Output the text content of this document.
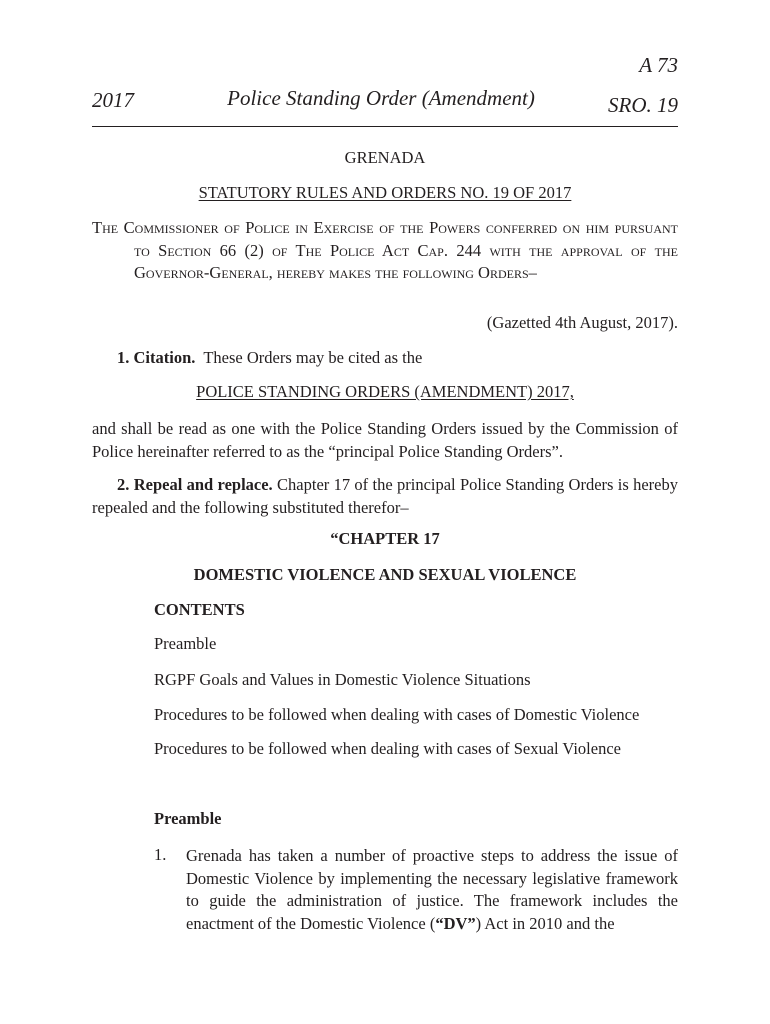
A 73
2017	Police Standing Order (Amendment)	SRO. 19
GRENADA
STATUTORY RULES AND ORDERS NO. 19 OF 2017

The Commissioner of Police in Exercise of the Powers conferred on him pursuant to Section 66 (2) of The Police Act Cap. 244 with the approval of the Governor-General, hereby makes the following Orders–

(Gazetted 4th August, 2017).
1. Citation. These Orders may be cited as the
POLICE STANDING ORDERS (AMENDMENT) 2017,

and shall be read as one with the Police Standing Orders issued by the Commission of Police hereinafter referred to as the “principal Police Standing Orders”.

2. Repeal and replace. Chapter 17 of the principal Police Standing Orders is hereby repealed and the following substituted therefor–

“CHAPTER 17
DOMESTIC VIOLENCE AND SEXUAL VIOLENCE
CONTENTS
Preamble
RGPF Goals and Values in Domestic Violence Situations
Procedures to be followed when dealing with cases of Domestic Violence
Procedures to be followed when dealing with cases of Sexual Violence
Preamble
1. Grenada has taken a number of proactive steps to address the issue of Domestic Violence by implementing the necessary legislative framework to guide the administration of justice. The framework includes the enactment of the Domestic Violence (“DV”) Act in 2010 and the
